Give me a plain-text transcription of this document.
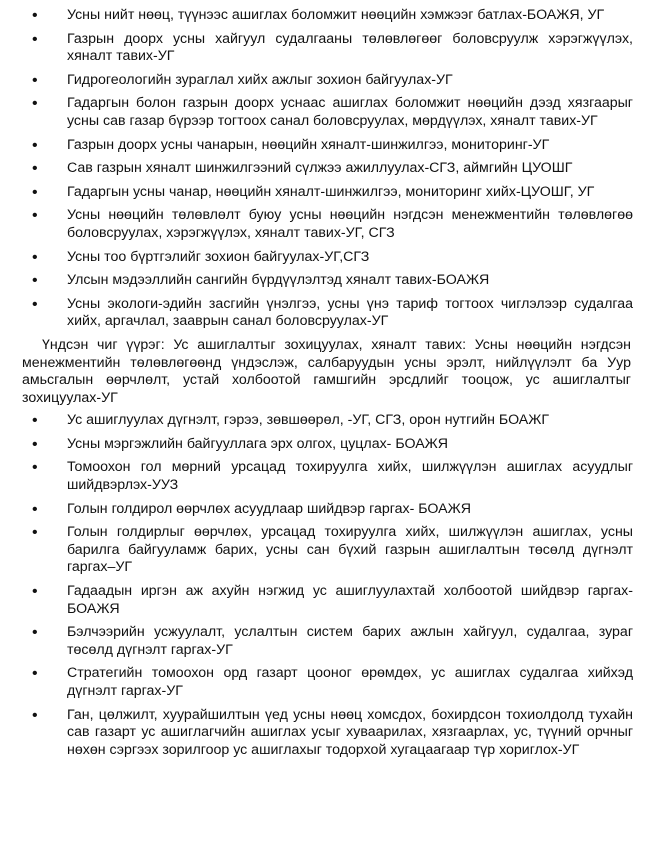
• Усны нийт нөөц, түүнээс ашиглах боломжит нөөцийн хэмжээг батлах-БОАЖЯ, УГ
• Газрын доорх усны хайгуул судалгааны төлөвлөгөөг боловсруулж хэрэгжүүлэх, хяналт тавих-УГ
• Гидрогеологийн зураглал хийх ажлыг зохион байгуулах-УГ
• Гадаргын болон газрын доорх уснаас ашиглах боломжит нөөцийн дээд хязгаарыг усны сав газар бүрээр тогтоох санал боловсруулах, мөрдүүлэх, хяналт тавих-УГ
• Газрын доорх усны чанарын, нөөцийн хяналт-шинжилгээ, мониторинг-УГ
• Сав газрын хяналт шинжилгээний сүлжээ ажиллуулах-СГЗ, аймгийн ЦУОШГ
• Гадаргын усны чанар, нөөцийн хяналт-шинжилгээ, мониторинг хийх-ЦУОШГ, УГ
• Усны нөөцийн төлөвлөлт буюу усны нөөцийн нэгдсэн менежментийн төлөвлөгөө боловсруулах, хэрэгжүүлэх, хяналт тавих-УГ, СГЗ
• Усны тоо бүртгэлийг зохион байгуулах-УГ,СГЗ
• Улсын мэдээллийн сангийн бүрдүүлэлтэд хяналт тавих-БОАЖЯ
• Усны экологи-эдийн засгийн үнэлгээ, усны үнэ тариф тогтоох чиглэлээр судалгаа хийх, аргачлал, зааврын санал боловсруулах-УГ

Үндсэн чиг үүрэг: Ус ашиглалтыг зохицуулах, хяналт тавих: Усны нөөцийн нэгдсэн менежментийн төлөвлөгөөнд үндэслэж, салбаруудын усны эрэлт, нийлүүлэлт ба Уур амьсгалын өөрчлөлт, устай холбоотой гамшгийн эрсдлийг тооцож, ус ашиглалтыг зохицуулах-УГ

• Ус ашиглуулах дүгнэлт, гэрээ, зөвшөөрөл, -УГ, СГЗ, орон нутгийн БОАЖГ
• Усны мэргэжлийн байгууллага эрх олгох, цуцлах- БОАЖЯ
• Томоохон гол мөрний урсацад тохируулга хийх, шилжүүлэн ашиглах асуудлыг шийдвэрлэх-УУЗ
• Голын голдирол өөрчлөх асуудлаар шийдвэр гаргах- БОАЖЯ
• Голын голдирлыг өөрчлөх, урсацад тохируулга хийх, шилжүүлэн ашиглах, усны барилга байгууламж барих, усны сан бүхий газрын ашиглалтын төсөлд дүгнэлт гаргах–УГ
• Гадаадын иргэн аж ахуйн нэгжид ус ашиглуулахтай холбоотой шийдвэр гаргах-БОАЖЯ
• Бэлчээрийн усжуулалт, услалтын систем барих ажлын хайгуул, судалгаа, зураг төсөлд дүгнэлт гаргах-УГ
• Стратегийн томоохон орд газарт цооног өрөмдөх, ус ашиглах судалгаа хийхэд дүгнэлт гаргах-УГ
• Ган, цөлжилт, хуурайшилтын үед усны нөөц хомсдох, бохирдсон тохиолдолд тухайн сав газарт ус ашиглагчийн ашиглах усыг хуваарилах, хязгаарлах, ус, түүний орчныг нөхөн сэргээх зорилгоор ус ашиглахыг тодорхой хугацаагаар түр хориглох-УГ
